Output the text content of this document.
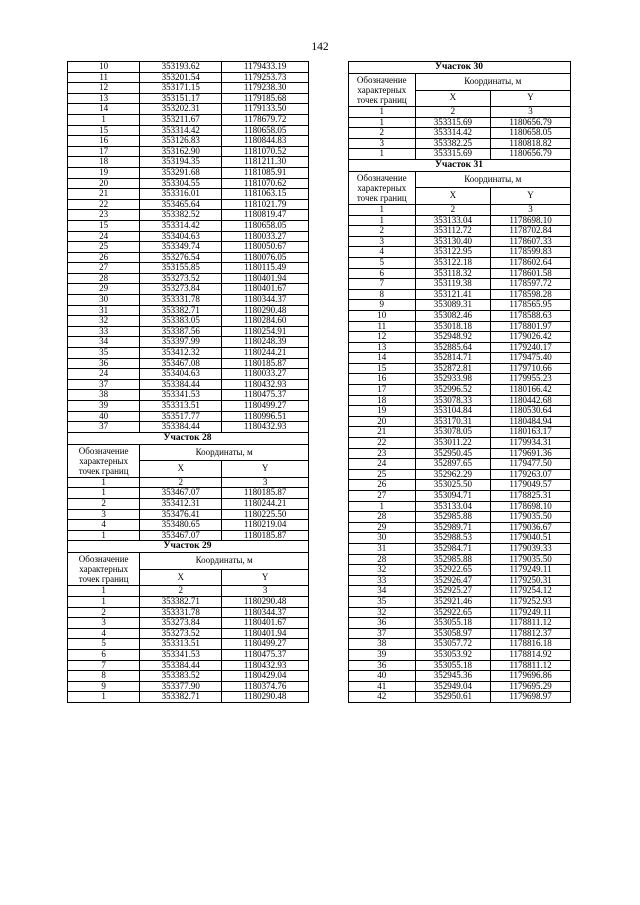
142
10	353193.62	1179433.19
11	353201.54	1179253.73
12	353171.15	1179238.30
13	353151.17	1179185.68
14	353202.31	1179133.50
1	353211.67	1178679.72
15	353314.42	1180658.05
16	353126.83	1180844.83
17	353162.90	1181070.52
18	353194.35	1181211.30
19	353291.68	1181085.91
20	353304.55	1181070.62
21	353316.01	1181063.15
22	353465.64	1181021.79
23	353382.52	1180819.47
15	353314.42	1180658.05
24	353404.63	1180033.27
25	353349.74	1180050.67
26	353276.54	1180076.05
27	353155.85	1180115.49
28	353273.52	1180401.94
29	353273.84	1180401.67
30	353331.78	1180344.37
31	353382.71	1180290.48
32	353383.05	1180284.60
33	353387.56	1180254.91
34	353397.99	1180248.39
35	353412.32	1180244.21
36	353467.08	1180185.87
24	353404.63	1180033.27
37	353384.44	1180432.93
38	353341.53	1180475.37
39	353313.51	1180499.27
40	353517.77	1180996.51
37	353384.44	1180432.93
Участок 28		
Обозначение характерных точек границ	Координаты, м	
	X	Y
1	2	3
1	353467.07	1180185.87
2	353412.31	1180244.21
3	353476.41	1180225.50
4	353480.65	1180219.04
1	353467.07	1180185.87
Участок 29		
Обозначение характерных точек границ	Координаты, м	
	X	Y
1	2	3
1	353382.71	1180290.48
2	353331.78	1180344.37
3	353273.84	1180401.67
4	353273.52	1180401.94
5	353313.51	1180499.27
6	353341.53	1180475.37
7	353384.44	1180432.93
8	353383.52	1180429.04
9	353377.90	1180374.76
1	353382.71	1180290.48
Участок 30		
Обозначение характерных точек границ	Координаты, м	
	X	Y
1	2	3
1	353315.69	1180656.79
2	353314.42	1180658.05
3	353382.25	1180818.82
1	353315.69	1180656.79
Участок 31		
Обозначение характерных точек границ	Координаты, м	
	X	Y
1	2	3
1	353133.04	1178698.10
2	353112.72	1178702.84
3	353130.40	1178607.33
4	353122.95	1178599.83
5	353122.18	1178602.64
6	353118.32	1178601.58
7	353119.38	1178597.72
8	353121.41	1178598.28
9	353089.31	1178565.95
10	353082.46	1178588.63
11	353018.18	1178801.97
12	352948.92	1179026.42
13	352885.64	1179240.17
14	352814.71	1179475.40
15	352872.81	1179710.66
16	352933.98	1179955.23
17	352996.52	1180166.42
18	353078.33	1180442.68
19	353104.84	1180530.64
20	353170.31	1180484.94
21	353078.05	1180163.17
22	353011.22	1179934.31
23	352950.45	1179691.36
24	352897.65	1179477.50
25	352962.29	1179263.07
26	353025.50	1179049.57
27	353094.71	1178825.31
1	353133.04	1178698.10
28	352985.88	1179035.50
29	352989.71	1179036.67
30	352988.53	1179040.51
31	352984.71	1179039.33
28	352985.88	1179035.50
32	352922.65	1179249.11
33	352926.47	1179250.31
34	352925.27	1179254.12
35	352921.46	1179252.93
32	352922.65	1179249.11
36	353055.18	1178811.12
37	353058.97	1178812.37
38	353057.72	1178816.18
39	353053.92	1178814.92
36	353055.18	1178811.12
40	352945.36	1179696.86
41	352949.04	1179695.29
42	352950.61	1179698.97
